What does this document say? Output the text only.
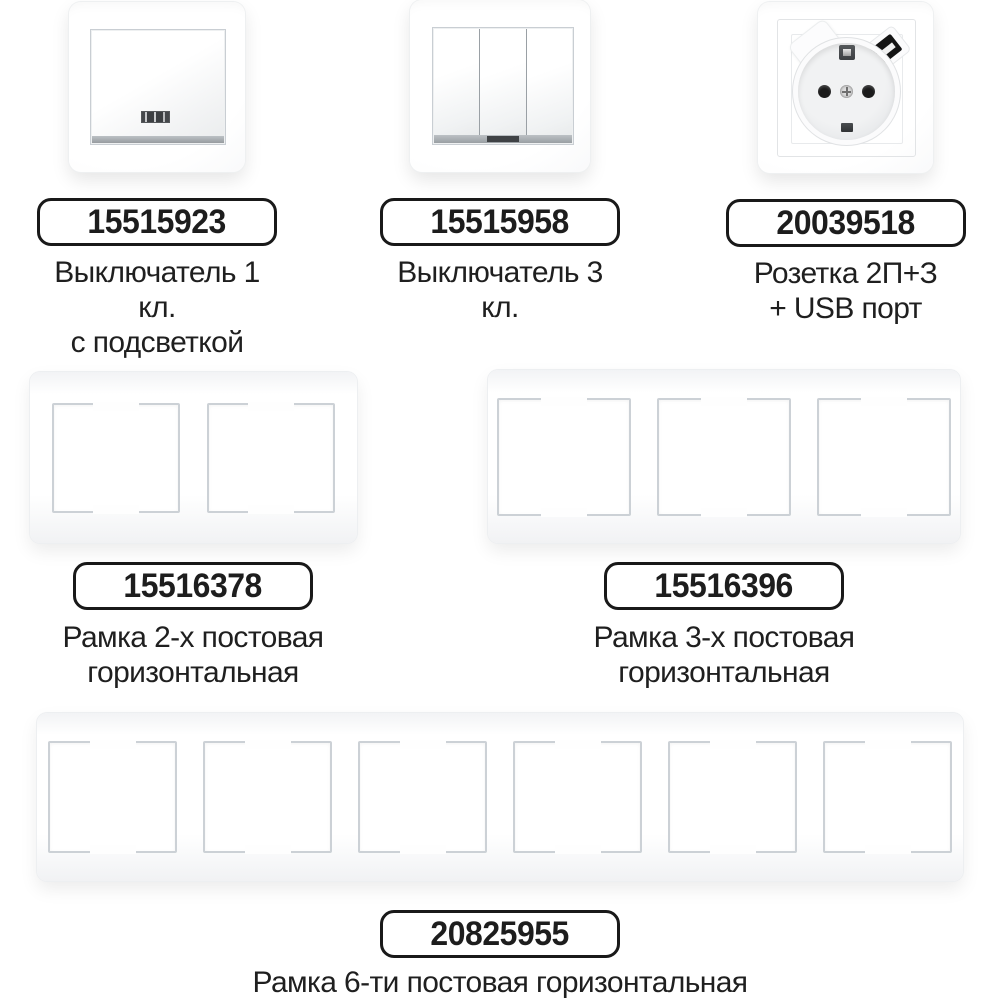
15515923
Выключатель 1 кл.
с подсветкой
15515958
Выключатель 3 кл.
20039518
Розетка 2П+З
+ USB порт
15516378
Рамка 2-х постовая
горизонтальная
15516396
Рамка 3-х постовая
горизонтальная
20825955
Рамка 6-ти постовая горизонтальная
